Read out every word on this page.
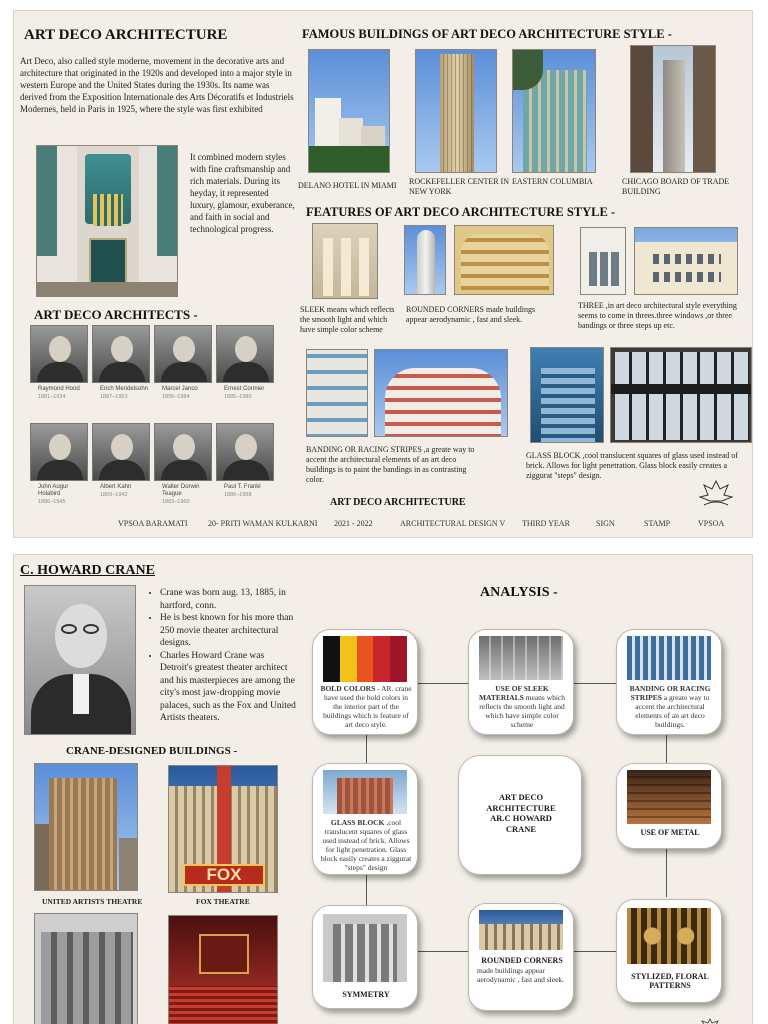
ART DECO ARCHITECTURE
Art Deco, also called style moderne, movement in the decorative arts and architecture that originated in the 1920s and developed into a major style in western Europe and the United States during the 1930s. Its name was derived from the Exposition Internationale des Arts Décoratifs et Industriels Modernes, held in Paris in 1925, where the style was first exhibited
It combined modern styles with fine craftsmanship and rich materials. During its heyday, it represented luxury, glamour, exuberance, and faith in social and technological progress.
FAMOUS BUILDINGS OF ART DECO ARCHITECTURE STYLE -
DELANO HOTEL IN MIAMI	ROCKEFELLER CENTER IN NEW YORK
EASTERN COLUMBIA	CHICAGO BOARD OF TRADE BUILDING
FEATURES OF ART DECO ARCHITECTURE STYLE -
SLEEK means which reflects the smooth light and which have simple color scheme
ROUNDED CORNERS made buildings appear aerodynamic , fast and sleek.
THREE ,in art deco architectural style everything seems to come in threes.three windows ,or three bandings or three steps up etc.
BANDING OR RACING STRIPES ,a greate way to accent the architectural elements of an art deco buildings is to paint the bandings in as contrasting color.
GLASS BLOCK ,cool translucent squares of glass used instead of brick. Allows for light penetration. Glass block easily creates a ziggurat "steps" design.
ART DECO ARCHITECTS -
Raymond Hood
1881–1934
Erich Mendelsohn
1887–1953
Marcel Janco
1895–1984
Ernest Cormier
1885–1980
John Augur Holabird
1886–1945
Albert Kahn
1869–1942
Walter Dorwin Teague
1883–1960
Paul T. Frankl
1886–1958
ART DECO ARCHITECTURE
VPSOA BARAMATI	20- PRITI WAMAN KULKARNI 2021 - 2022	ARCHITECTURAL DESIGN V THIRD YEAR	SIGN	STAMP	VPSOA
C. HOWARD CRANE
• Crane was born aug. 13, 1885, in hartford, conn.
• He is best known for his more than 250 movie theater architectural designs.
• Charles Howard Crane was Detroit's greatest theater architect and his masterpieces are among the city's most jaw-dropping movie palaces, such as the Fox and United Artists theaters.
CRANE-DESIGNED BUILDINGS -
UNITED ARTISTS THEATRE
FOX
FOX THEATRE
ANALYSIS -
BOLD COLORS - AR. crane have used the bold colors in the interior part of the buildings which is feature of art deco style.
USE OF SLEEK MATERIALS means which reflects the smooth light and which have simple color scheme
BANDING OR RACING STRIPES a greate way to accent the architectural elements of an art deco buildings.
GLASS BLOCK ,cool translucent squares of glass used instead of brick. Allows for light penetration. Glass block easily creates a ziggurat "steps" design
ART DECO ARCHITECTURE AR.C HOWARD CRANE	USE OF METAL
SYMMETRY
ROUNDED CORNERS
made buildings appear aerodynamic , fast and sleek.	STYLIZED, FLORAL PATTERNS
